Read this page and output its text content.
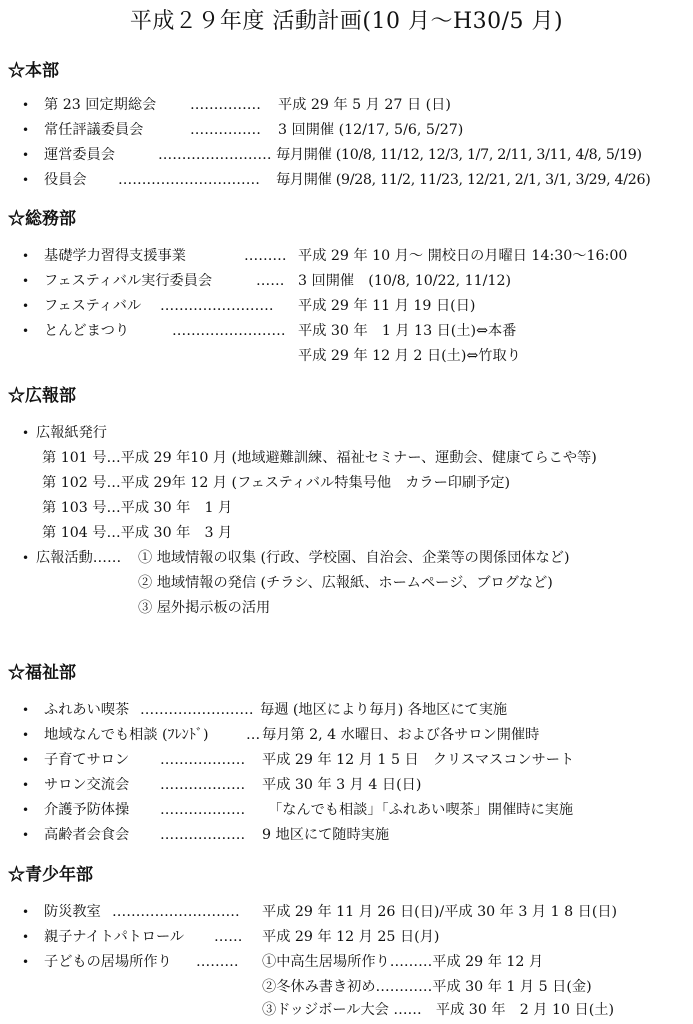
平成２９年度 活動計画(10 月～H30/5 月)
☆本部
• 第 23 回定期総会 …………… 平成 29 年 5 月 27 日 (日)
• 常任評議委員会	…………… 3 回開催 (12/17, 5/6, 5/27)
• 運営委員会	…………………… 毎月開催 (10/8, 11/12, 12/3, 1/7, 2/11, 3/11, 4/8, 5/19)
• 役員会 ………………………… 毎月開催 (9/28, 11/2, 11/23, 12/21, 2/1, 3/1, 3/29, 4/26)
☆総務部
• 基礎学力習得支援事業	……… 平成 29 年 10 月～ 開校日の月曜日 14:30～16:00
• フェスティバル実行委員会	…… 3 回開催　(10/8, 10/22, 11/12)
• フェスティバル …………………… 平成 29 年 11 月 19 日(日)
• とんどまつり	…………………… 平成 30 年　1 月 13 日(土)⇔本番
平成 29 年 12 月 2 日(土)⇔竹取り
☆広報部
• 広報紙発行
第 101 号…平成 29 年10 月 (地域避難訓練、福祉セミナー、運動会、健康てらこや等)
第 102 号…平成 29年 12 月 (フェスティバル特集号他　カラー印刷予定)
第 103 号…平成 30 年　1 月
第 104 号…平成 30 年　3 月
• 広報活動…… ① 地域情報の収集 (行政、学校園、自治会、企業等の関係団体など)
② 地域情報の発信 (チラシ、広報紙、ホームページ、ブログなど)
③ 屋外掲示板の活用
☆福祉部
• ふれあい喫茶 …………………… 毎週 (地区により毎月) 各地区にて実施
• 地域なんでも相談 (ﾌﾚﾝﾄﾞ)	… 毎月第 2, 4 水曜日、および各サロン開催時
• 子育てサロン ……………… 平成 29 年 12 月 1 5 日　クリスマスコンサート
• サロン交流会 ……………… 平成 30 年 3 月 4 日(日)
• 介護予防体操 ……………… 「なんでも相談」「ふれあい喫茶」開催時に実施
• 高齢者会食会 ……………… 9 地区にて随時実施
☆青少年部
• 防災教室 ……………………… 平成 29 年 11 月 26 日(日)/平成 30 年 3 月 1 8 日(日)
• 親子ナイトパトロール …… 平成 29 年 12 月 25 日(月)
• 子どもの居場所作り ……… ①中高生居場所作り………平成 29 年 12 月
②冬休み書き初め…………平成 30 年 1 月 5 日(金)
③ドッジボール大会 ……　平成 30 年　2 月 10 日(土)
